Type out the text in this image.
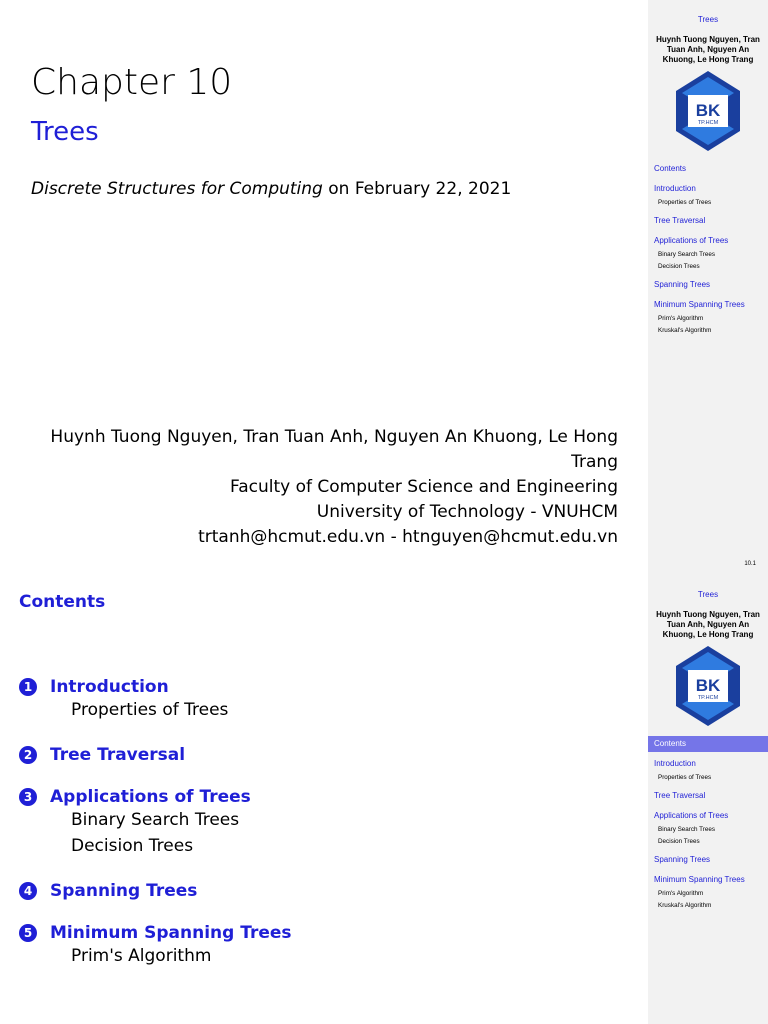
Chapter 10
Trees
Discrete Structures for Computing on February 22, 2021
Huynh Tuong Nguyen, Tran Tuan Anh, Nguyen An Khuong, Le Hong Trang
Faculty of Computer Science and Engineering
University of Technology - VNUHCM
trtanh@hcmut.edu.vn - htnguyen@hcmut.edu.vn
Trees
Huynh Tuong Nguyen, Tran Tuan Anh, Nguyen An Khuong, Le Hong Trang
BK
TP.HCM
Contents
Introduction
Properties of Trees
Tree Traversal
Applications of Trees
Binary Search Trees
Decision Trees
Spanning Trees
Minimum Spanning Trees
Prim's Algorithm
Kruskal's Algorithm
10.1
Contents
1 Introduction
Properties of Trees
2 Tree Traversal
3 Applications of Trees
Binary Search Trees
Decision Trees
4 Spanning Trees
5 Minimum Spanning Trees
Prim's Algorithm
Trees
Huynh Tuong Nguyen, Tran Tuan Anh, Nguyen An Khuong, Le Hong Trang
BK
TP.HCM
Contents
Introduction
Properties of Trees
Tree Traversal
Applications of Trees
Binary Search Trees
Decision Trees
Spanning Trees
Minimum Spanning Trees
Prim's Algorithm
Kruskal's Algorithm
